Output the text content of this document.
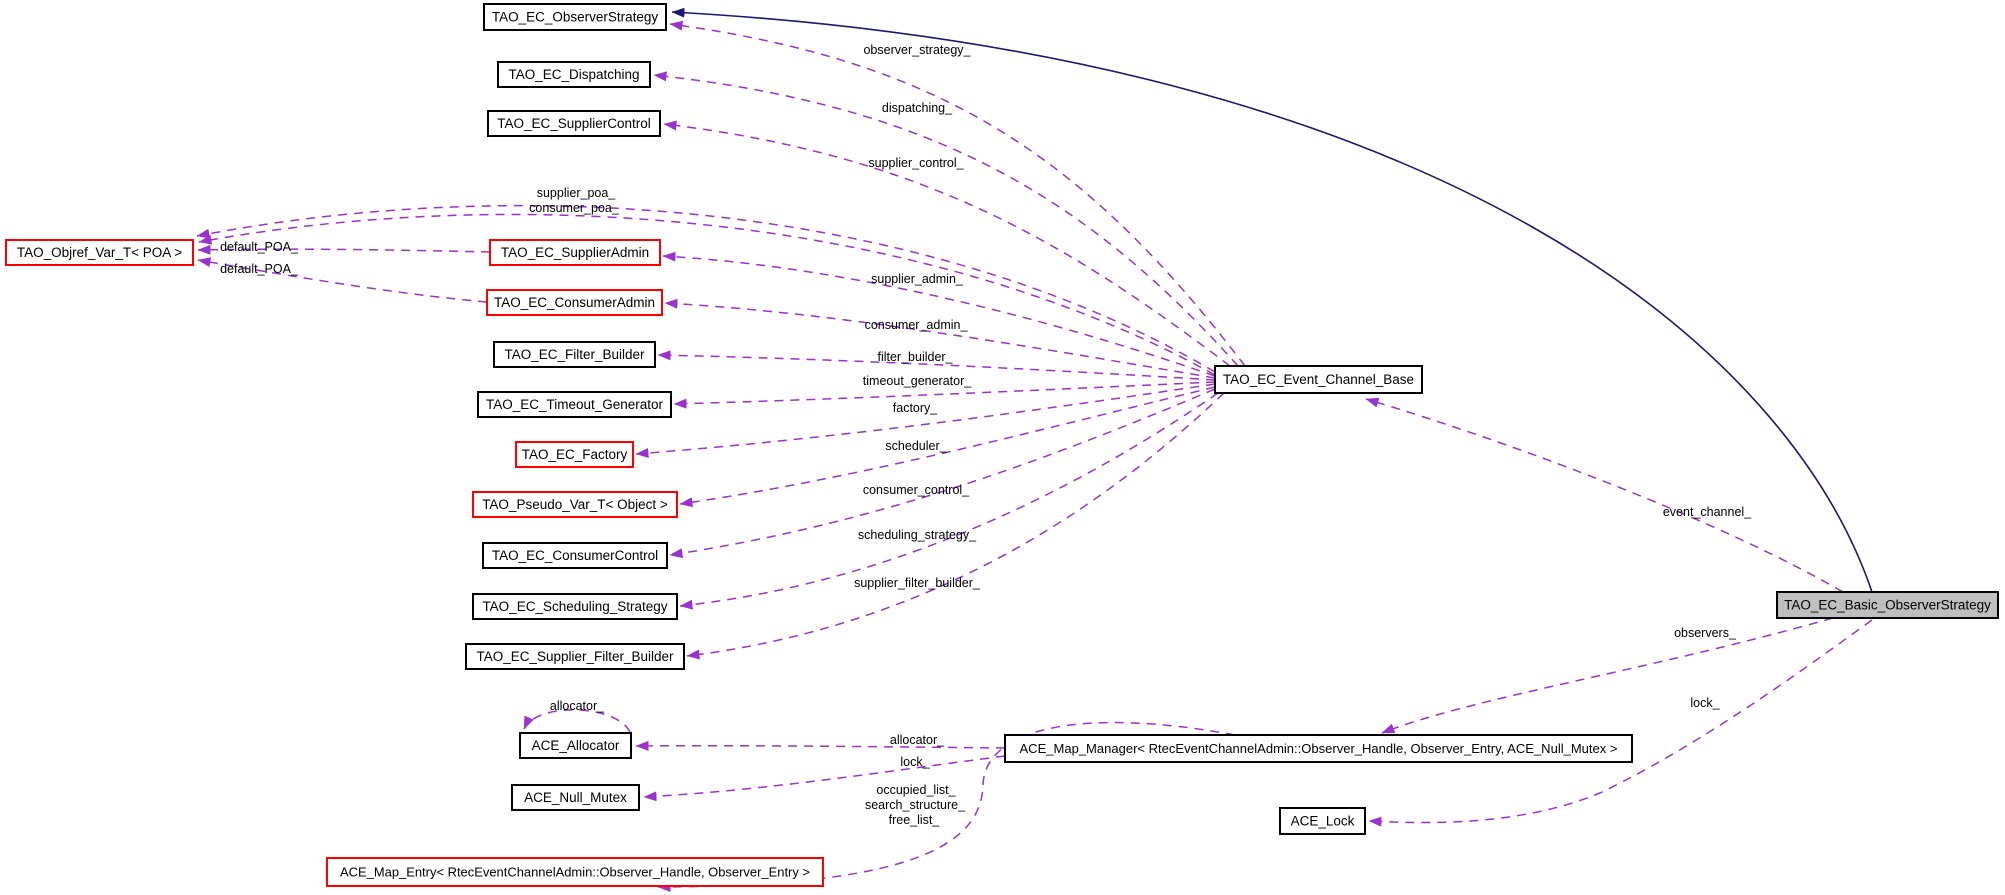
observer_strategy_
dispatching_
supplier_control_
supplier_poa_
consumer_poa_
default_POA_
default_POA_
supplier_admin_
consumer_admin_
filter_builder_
timeout_generator_
factory_
scheduler_
consumer_control_
scheduling_strategy_
supplier_filter_builder_
event_channel_
observers_
lock_
allocator_
allocator_
lock_
occupied_list_
search_structure_
free_list_
TAO_EC_ObserverStrategy
TAO_EC_Dispatching
TAO_EC_SupplierControl
TAO_Objref_Var_T< POA >	TAO_EC_SupplierAdmin
TAO_EC_ConsumerAdmin
TAO_EC_Filter_Builder
TAO_EC_Timeout_Generator
TAO_EC_Factory
TAO_Pseudo_Var_T< Object >
TAO_EC_ConsumerControl
TAO_EC_Scheduling_Strategy
TAO_EC_Supplier_Filter_Builder
ACE_Allocator
ACE_Null_Mutex
ACE_Map_Entry< RtecEventChannelAdmin::Observer_Handle, Observer_Entry >
TAO_EC_Event_Channel_Base
TAO_EC_Basic_ObserverStrategy
ACE_Map_Manager< RtecEventChannelAdmin::Observer_Handle, Observer_Entry, ACE_Null_Mutex >
ACE_Lock
